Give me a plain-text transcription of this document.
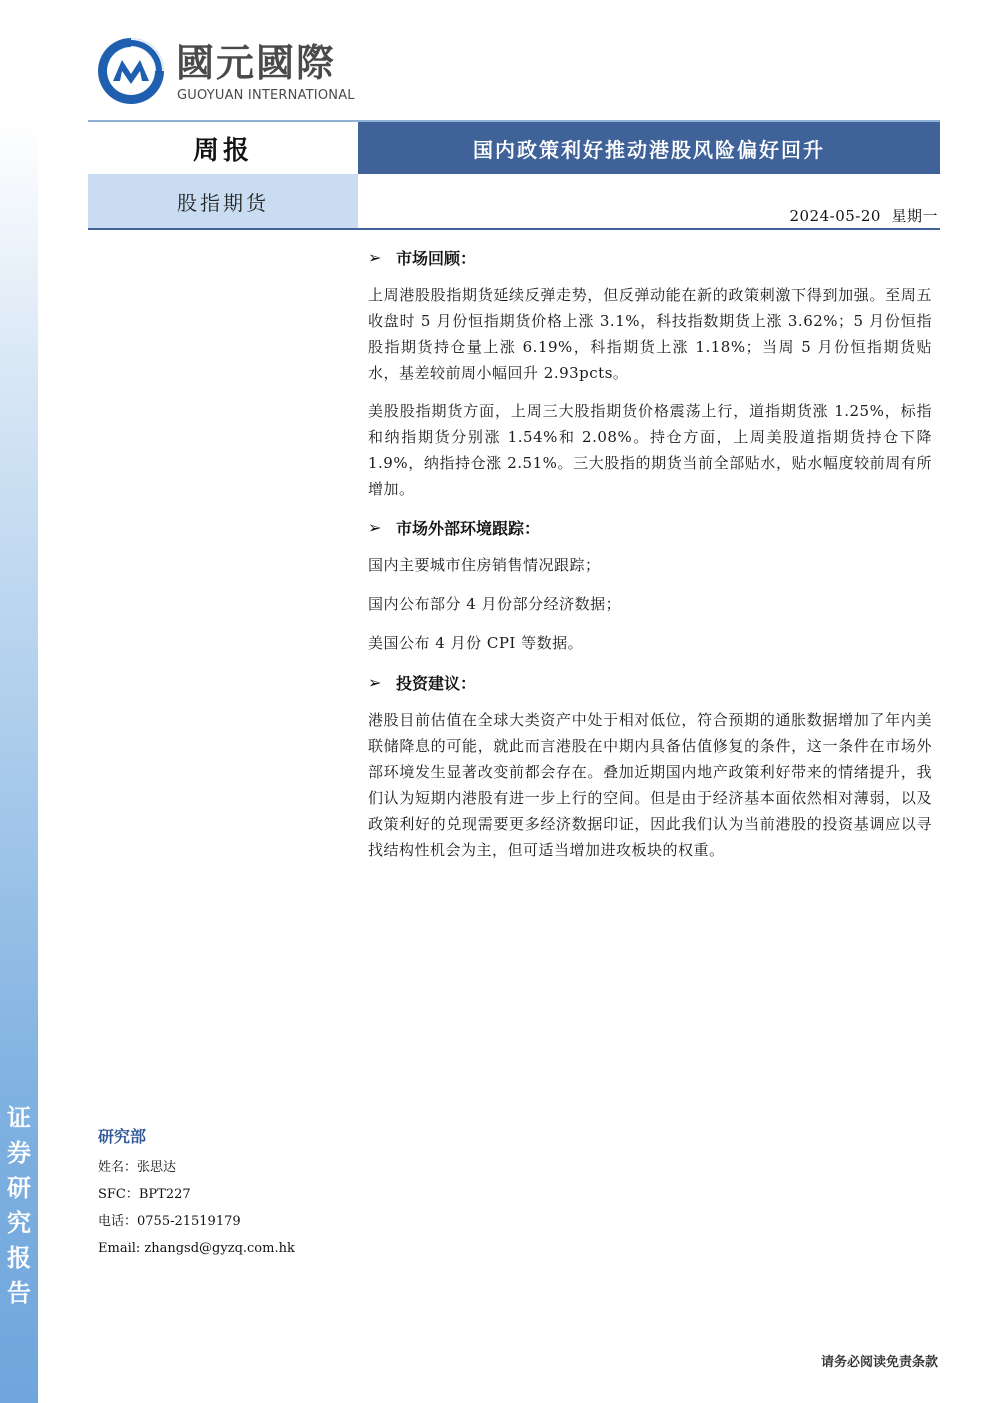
证
券
研
究
报
告
國元國際
GUOYUAN INTERNATIONAL
周报	国内政策利好推动港股风险偏好回升
股指期货
2024-05-20 星期一
➢ 市场回顾：

上周港股股指期货延续反弹走势，但反弹动能在新的政策刺激下得到加强。至周五收盘时 5 月份恒指期货价格上涨 3.1%，科技指数期货上涨 3.62%；5 月份恒指股指期货持仓量上涨 6.19%，科指期货上涨 1.18%；当周 5 月份恒指期货贴水，基差较前周小幅回升 2.93pcts。

美股股指期货方面，上周三大股指期货价格震荡上行，道指期货涨 1.25%，标指和纳指期货分别涨 1.54%和 2.08%。持仓方面，上周美股道指期货持仓下降 1.9%，纳指持仓涨 2.51%。三大股指的期货当前全部贴水，贴水幅度较前周有所增加。

➢ 市场外部环境跟踪：

国内主要城市住房销售情况跟踪；

国内公布部分 4 月份部分经济数据；

美国公布 4 月份 CPI 等数据。

➢ 投资建议：

港股目前估值在全球大类资产中处于相对低位，符合预期的通胀数据增加了年内美联储降息的可能，就此而言港股在中期内具备估值修复的条件，这一条件在市场外部环境发生显著改变前都会存在。叠加近期国内地产政策利好带来的情绪提升，我们认为短期内港股有进一步上行的空间。但是由于经济基本面依然相对薄弱，以及政策利好的兑现需要更多经济数据印证，因此我们认为当前港股的投资基调应以寻找结构性机会为主，但可适当增加进攻板块的权重。

研究部
姓名：张思达
SFC：BPT227
电话：0755-21519179
Email: zhangsd@gyzq.com.hk
请务必阅读免责条款
